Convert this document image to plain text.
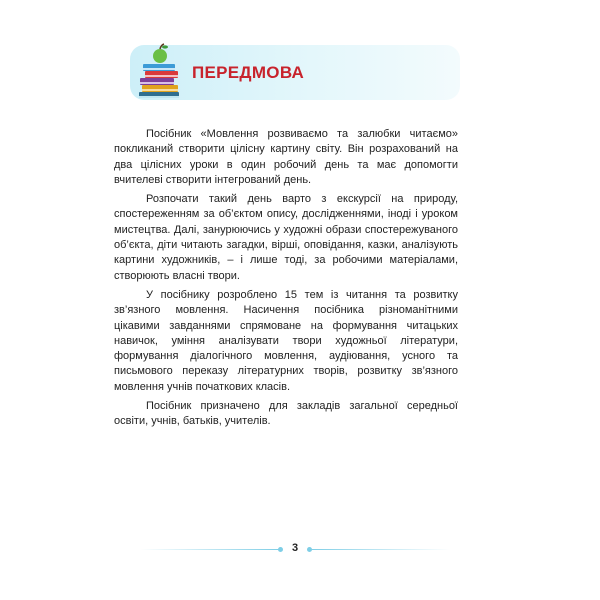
ПЕРЕДМОВА

Посібник «Мовлення розвиваємо та залюбки читаємо» покликаний створити цілісну картину світу. Він розрахований на два цілісних уроки в один робочий день та має допомогти вчителеві створити інтегрований день.

Розпочати такий день варто з екскурсії на природу, спостереженням за об’єктом опису, дослідженнями, іноді і уроком мистецтва. Далі, занурюючись у художні образи спостережуваного об’єкта, діти читають загадки, вірші, оповідання, казки, аналізують картини художників, – і лише тоді, за робочими матеріалами, створюють власні твори.

У посібнику розроблено 15 тем із читання та розвитку зв’язного мовлення. Насичення посібника різноманітними цікавими завданнями спрямоване на формування читацьких навичок, уміння аналізувати твори художньої літератури, формування діалогічного мовлення, аудіювання, усного та письмового переказу літературних творів, розвитку зв’язного мовлення учнів початкових класів.

Посібник призначено для закладів загальної середньої освіти, учнів, батьків, учителів.

3
